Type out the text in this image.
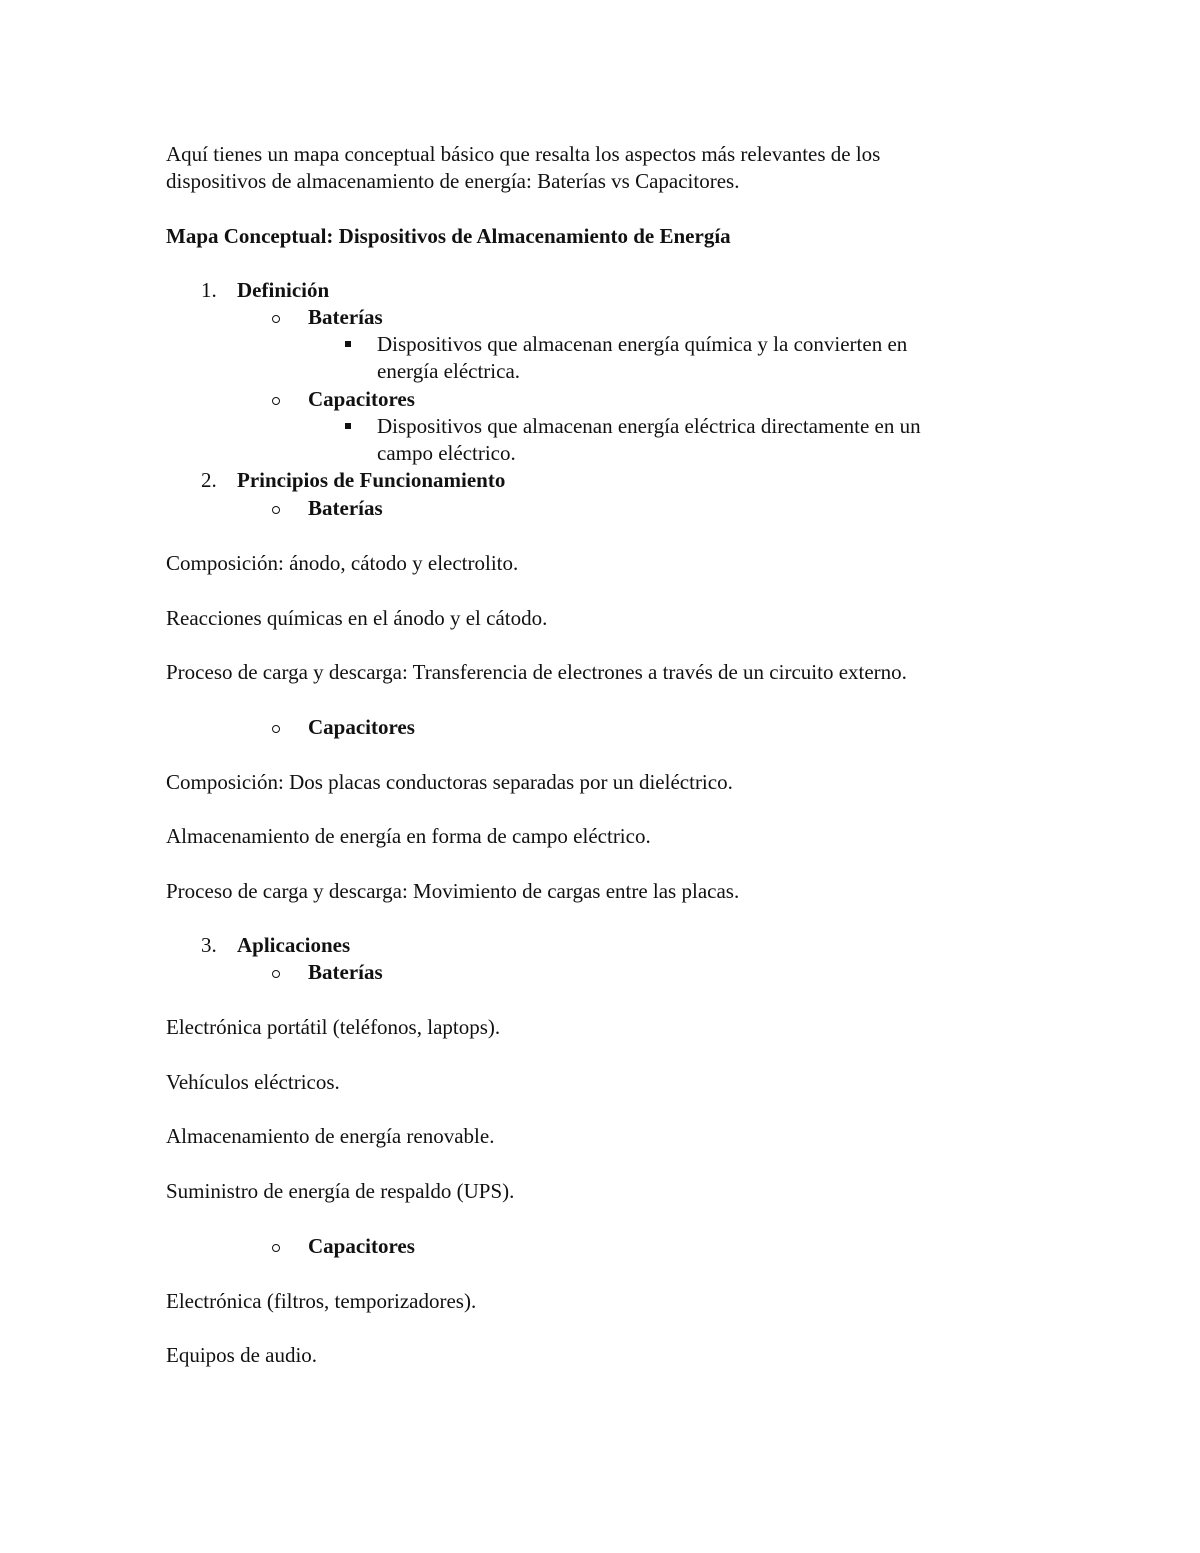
Aquí tienes un mapa conceptual básico que resalta los aspectos más relevantes de los
dispositivos de almacenamiento de energía: Baterías vs Capacitores.
Mapa Conceptual: Dispositivos de Almacenamiento de Energía
1. Definición
Baterías
Dispositivos que almacenan energía química y la convierten en
energía eléctrica.
Capacitores
Dispositivos que almacenan energía eléctrica directamente en un
campo eléctrico.
2. Principios de Funcionamiento
Baterías
Composición: ánodo, cátodo y electrolito.
Reacciones químicas en el ánodo y el cátodo.
Proceso de carga y descarga: Transferencia de electrones a través de un circuito externo.
Capacitores
Composición: Dos placas conductoras separadas por un dieléctrico.
Almacenamiento de energía en forma de campo eléctrico.
Proceso de carga y descarga: Movimiento de cargas entre las placas.
3. Aplicaciones
Baterías
Electrónica portátil (teléfonos, laptops).
Vehículos eléctricos.
Almacenamiento de energía renovable.
Suministro de energía de respaldo (UPS).
Capacitores
Electrónica (filtros, temporizadores).
Equipos de audio.
